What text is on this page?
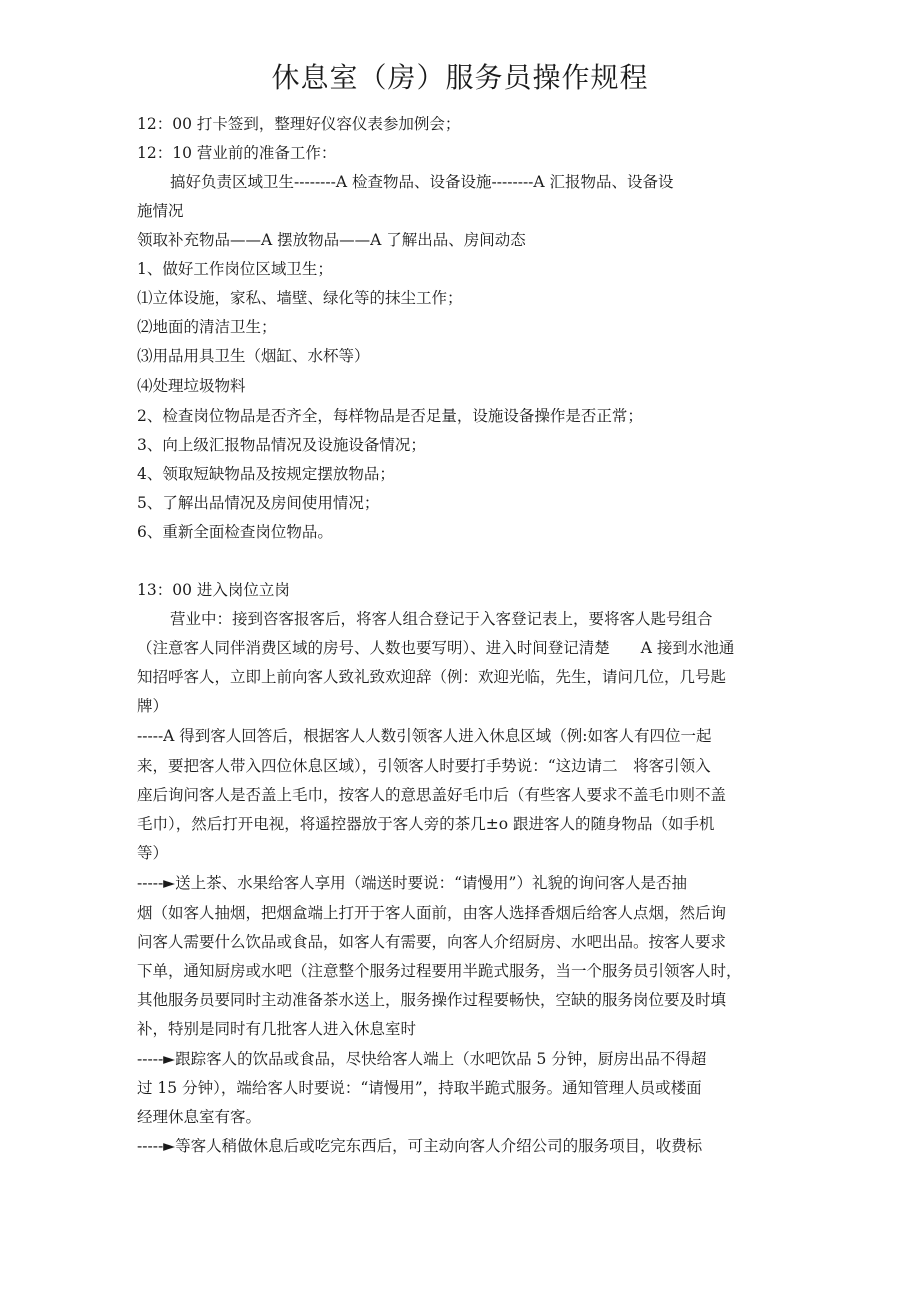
休息室（房）服务员操作规程
12：00 打卡签到，整理好仪容仪表参加例会；
12：10 营业前的准备工作：
搞好负责区域卫生--------A 检查物品、设备设施--------A 汇报物品、设备设
施情况
领取补充物品——A 摆放物品——A 了解出品、房间动态
1、做好工作岗位区域卫生；
⑴立体设施，家私、墙壁、绿化等的抹尘工作；
⑵地面的清洁卫生；
⑶用品用具卫生（烟缸、水杯等）
⑷处理垃圾物料
2、检查岗位物品是否齐全，每样物品是否足量，设施设备操作是否正常；
3、向上级汇报物品情况及设施设备情况；
4、领取短缺物品及按规定摆放物品；
5、了解出品情况及房间使用情况；
6、重新全面检查岗位物品。
13：00 进入岗位立岗
营业中：接到咨客报客后，将客人组合登记于入客登记表上，要将客人匙号组合
（注意客人同伴消费区域的房号、人数也要写明）、进入时间登记清楚　　A 接到水池通
知招呼客人，立即上前向客人致礼致欢迎辞（例：欢迎光临，先生，请问几位，几号匙
牌）
-----A 得到客人回答后，根据客人人数引领客人进入休息区域（例:如客人有四位一起
来，要把客人带入四位休息区域），引领客人时要打手势说：“这边请二　将客引领入
座后询问客人是否盖上毛巾，按客人的意思盖好毛巾后（有些客人要求不盖毛巾则不盖
毛巾），然后打开电视，将遥控器放于客人旁的茶几±o 跟进客人的随身物品（如手机
等）
-----►送上茶、水果给客人享用（端送时要说：“请慢用”）礼貌的询问客人是否抽
烟（如客人抽烟，把烟盒端上打开于客人面前，由客人选择香烟后给客人点烟，然后询
问客人需要什么饮品或食品，如客人有需要，向客人介绍厨房、水吧出品。按客人要求
下单，通知厨房或水吧（注意整个服务过程要用半跪式服务，当一个服务员引领客人时，
其他服务员要同时主动准备茶水送上，服务操作过程要畅快，空缺的服务岗位要及时填
补，特别是同时有几批客人进入休息室时
-----►跟踪客人的饮品或食品，尽快给客人端上（水吧饮品 5 分钟，厨房出品不得超
过 15 分钟），端给客人时要说：“请慢用”，持取半跪式服务。通知管理人员或楼面
经理休息室有客。
-----►等客人稍做休息后或吃完东西后，可主动向客人介绍公司的服务项目，收费标
